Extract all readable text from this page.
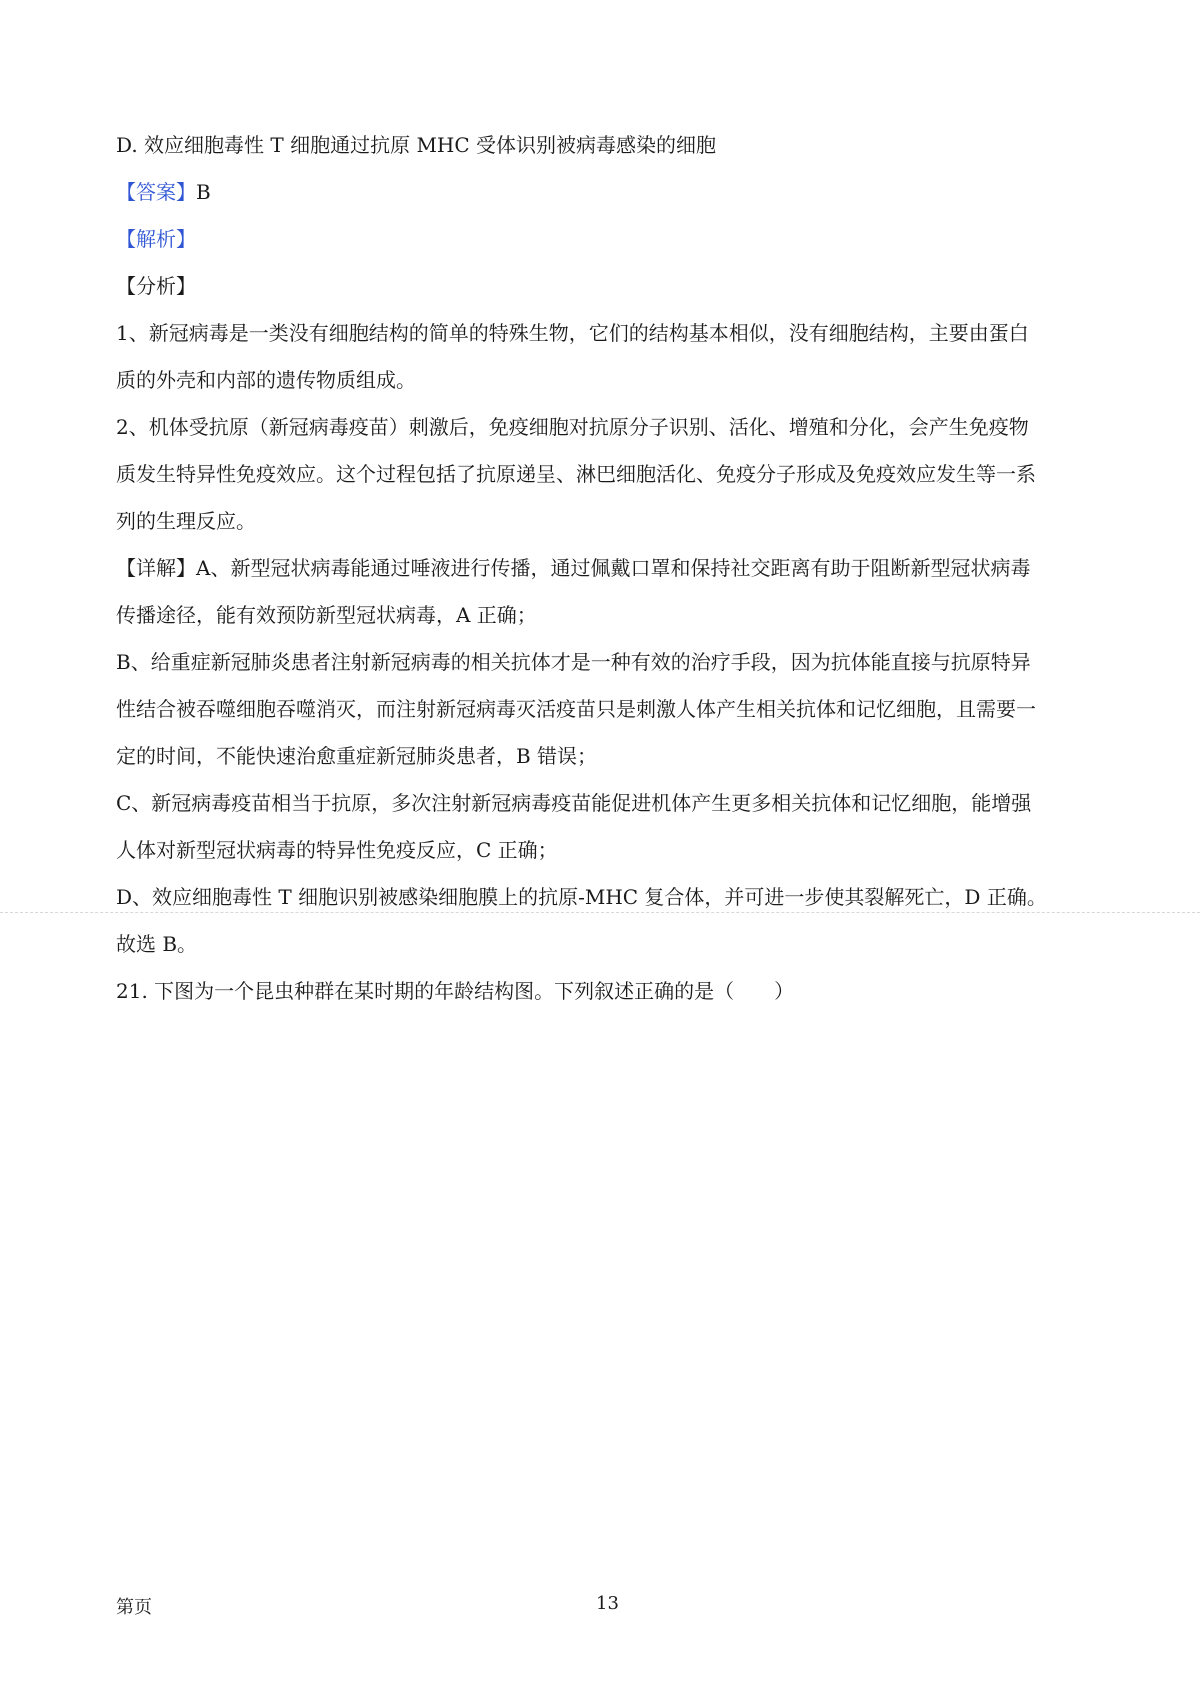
D. 效应细胞毒性 T 细胞通过抗原 MHC 受体识别被病毒感染的细胞
【答案】B
【解析】
【分析】
1、新冠病毒是一类没有细胞结构的简单的特殊生物，它们的结构基本相似，没有细胞结构，主要由蛋白
质的外壳和内部的遗传物质组成。
2、机体受抗原（新冠病毒疫苗）刺激后，免疫细胞对抗原分子识别、活化、增殖和分化，会产生免疫物
质发生特异性免疫效应。这个过程包括了抗原递呈、淋巴细胞活化、免疫分子形成及免疫效应发生等一系
列的生理反应。
【详解】A、新型冠状病毒能通过唾液进行传播，通过佩戴口罩和保持社交距离有助于阻断新型冠状病毒
传播途径，能有效预防新型冠状病毒，A 正确；
B、给重症新冠肺炎患者注射新冠病毒的相关抗体才是一种有效的治疗手段，因为抗体能直接与抗原特异
性结合被吞噬细胞吞噬消灭，而注射新冠病毒灭活疫苗只是刺激人体产生相关抗体和记忆细胞，且需要一
定的时间，不能快速治愈重症新冠肺炎患者，B 错误；
C、新冠病毒疫苗相当于抗原，多次注射新冠病毒疫苗能促进机体产生更多相关抗体和记忆细胞，能增强
人体对新型冠状病毒的特异性免疫反应，C 正确；
D、效应细胞毒性 T 细胞识别被感染细胞膜上的抗原-MHC 复合体，并可进一步使其裂解死亡，D 正确。
故选 B。
21. 下图为一个昆虫种群在某时期的年龄结构图。下列叙述正确的是（　　）
第页	13
